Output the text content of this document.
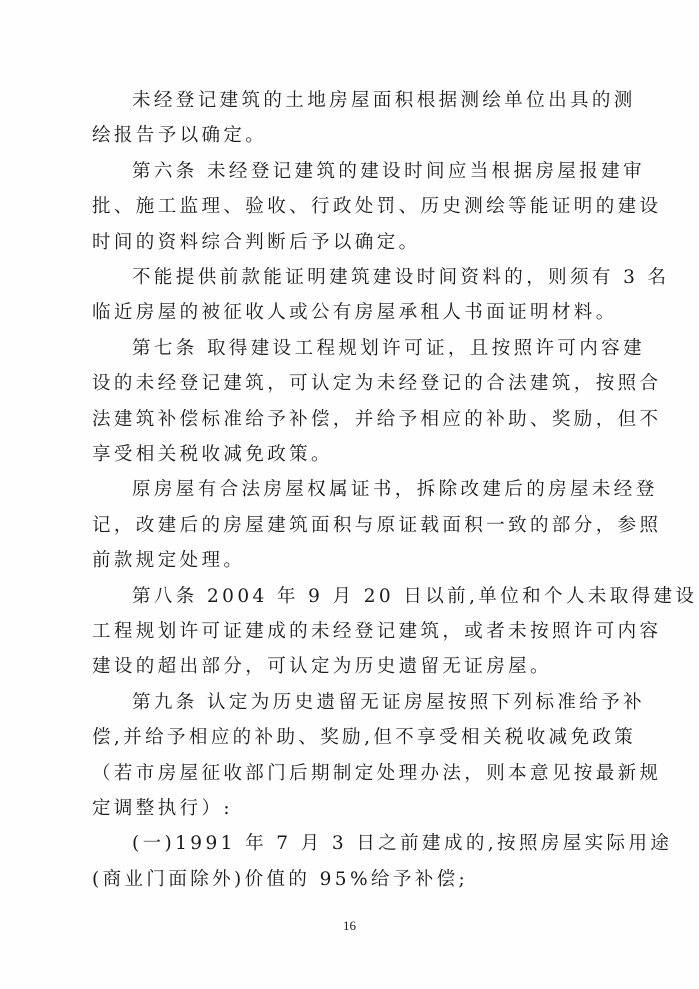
未经登记建筑的土地房屋面积根据测绘单位出具的测
绘报告予以确定。
第六条 未经登记建筑的建设时间应当根据房屋报建审
批、施工监理、验收、行政处罚、历史测绘等能证明的建设
时间的资料综合判断后予以确定。
不能提供前款能证明建筑建设时间资料的，则须有 3 名
临近房屋的被征收人或公有房屋承租人书面证明材料。
第七条 取得建设工程规划许可证，且按照许可内容建
设的未经登记建筑，可认定为未经登记的合法建筑，按照合
法建筑补偿标准给予补偿，并给予相应的补助、奖励，但不
享受相关税收减免政策。
原房屋有合法房屋权属证书，拆除改建后的房屋未经登
记，改建后的房屋建筑面积与原证载面积一致的部分，参照
前款规定处理。
第八条 2004 年 9 月 20 日以前,单位和个人未取得建设
工程规划许可证建成的未经登记建筑，或者未按照许可内容
建设的超出部分，可认定为历史遗留无证房屋。
第九条 认定为历史遗留无证房屋按照下列标准给予补
偿,并给予相应的补助、奖励,但不享受相关税收减免政策
（若市房屋征收部门后期制定处理办法，则本意见按最新规
定调整执行）:
(一)1991 年 7 月 3 日之前建成的,按照房屋实际用途
(商业门面除外)价值的 95%给予补偿;
16
